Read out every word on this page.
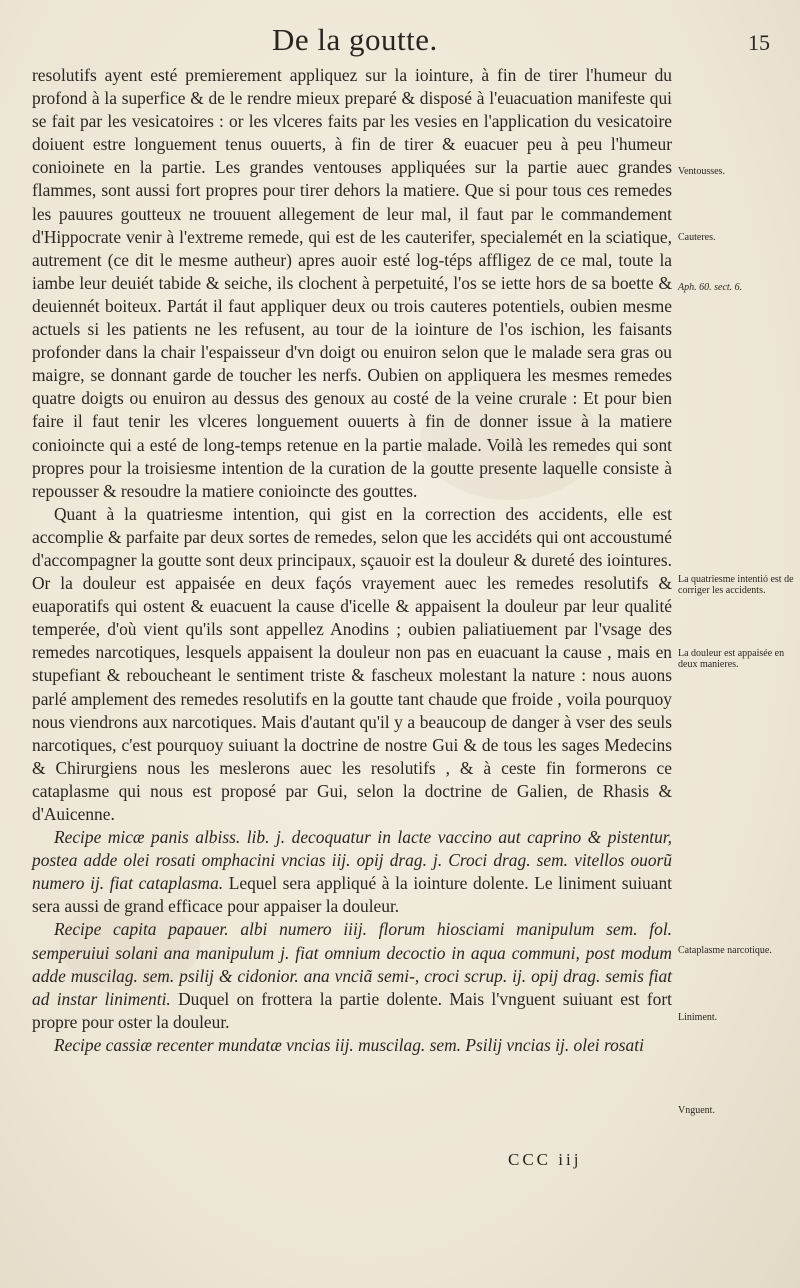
De la goutte.	15

resolutifs ayent esté premierement appliquez sur la iointure, à fin de tirer l'humeur du profond à la superfice & de le rendre mieux preparé & disposé à l'euacuation manifeste qui se fait par les vesicatoires : or les vlceres faits par les vesies en l'application du vesicatoire doiuent estre longuement tenus ouuerts, à fin de tirer & euacuer peu à peu l'humeur conioinete en la partie. Les grandes ventouses appliquées sur la partie auec grandes flammes, sont aussi fort propres pour tirer dehors la matiere. Que si pour tous ces remedes les pauures goutteux ne trouuent allegement de leur mal, il faut par le commandement d'Hippocrate venir à l'extreme remede, qui est de les cauterifer, specialemét en la sciatique, autrement (ce dit le mesme autheur) apres auoir esté log-téps affligez de ce mal, toute la iambe leur deuiét tabide & seiche, ils clochent à perpetuité, l'os se iette hors de sa boette & deuiennét boiteux. Partát il faut appliquer deux ou trois cauteres potentiels, oubien mesme actuels si les patients ne les refusent, au tour de la iointure de l'os ischion, les faisants profonder dans la chair l'espaisseur d'vn doigt ou enuiron selon que le malade sera gras ou maigre, se donnant garde de toucher les nerfs. Oubien on appliquera les mesmes remedes quatre doigts ou enuiron au dessus des genoux au costé de la veine crurale : Et pour bien faire il faut tenir les vlceres longuement ouuerts à fin de donner issue à la matiere conioincte qui a esté de long-temps retenue en la partie malade. Voilà les remedes qui sont propres pour la troisiesme intention de la curation de la goutte presente laquelle consiste à repousser & resoudre la matiere conioincte des gouttes.

Quant à la quatriesme intention, qui gist en la correction des accidents, elle est accomplie & parfaite par deux sortes de remedes, selon que les accidéts qui ont accoustumé d'accompagner la goutte sont deux principaux, sçauoir est la douleur & dureté des iointures. Or la douleur est appaisée en deux façós vrayement auec les remedes resolutifs & euaporatifs qui ostent & euacuent la cause d'icelle & appaisent la douleur par leur qualité temperée, d'où vient qu'ils sont appellez Anodins ; oubien paliatiuement par l'vsage des remedes narcotiques, lesquels appaisent la douleur non pas en euacuant la cause , mais en stupefiant & reboucheant le sentiment triste & fascheux molestant la nature : nous auons parlé amplement des remedes resolutifs en la goutte tant chaude que froide , voila pourquoy nous viendrons aux narcotiques. Mais d'autant qu'il y a beaucoup de danger à vser des seuls narcotiques, c'est pourquoy suiuant la doctrine de nostre Gui & de tous les sages Medecins & Chirurgiens nous les meslerons auec les resolutifs , & à ceste fin formerons ce cataplasme qui nous est proposé par Gui, selon la doctrine de Galien, de Rhasis & d'Auicenne.

Recipe micæ panis albiss. lib. j. decoquatur in lacte vaccino aut caprino & pistentur, postea adde olei rosati omphacini vncias iij. opij drag. j. Croci drag. sem. vitellos ouorũ numero ij. fiat cataplasma. Lequel sera appliqué à la iointure dolente. Le liniment suiuant sera aussi de grand efficace pour appaiser la douleur.

Recipe capita papauer. albi numero iiij. florum hiosciami manipulum sem. fol. semperuiui solani ana manipulum j. fiat omnium decoctio in aqua communi, post modum adde muscilag. sem. psilij & cidonior. ana vnciã semi-, croci scrup. ij. opij drag. semis fiat ad instar linimenti. Duquel on frottera la partie dolente. Mais l'vnguent suiuant est fort propre pour oster la douleur.

Recipe cassiæ recenter mundatæ vncias iij. muscilag. sem. Psilij vncias ij. olei rosati

Ventousses.
Cauteres.
Aph. 60. sect. 6.
La quatriesme intentió est de corriger les accidents.
La douleur est appaisée en deux manieres.
Cataplasme narcotique.
Liniment.
Vnguent.
CCC iij
